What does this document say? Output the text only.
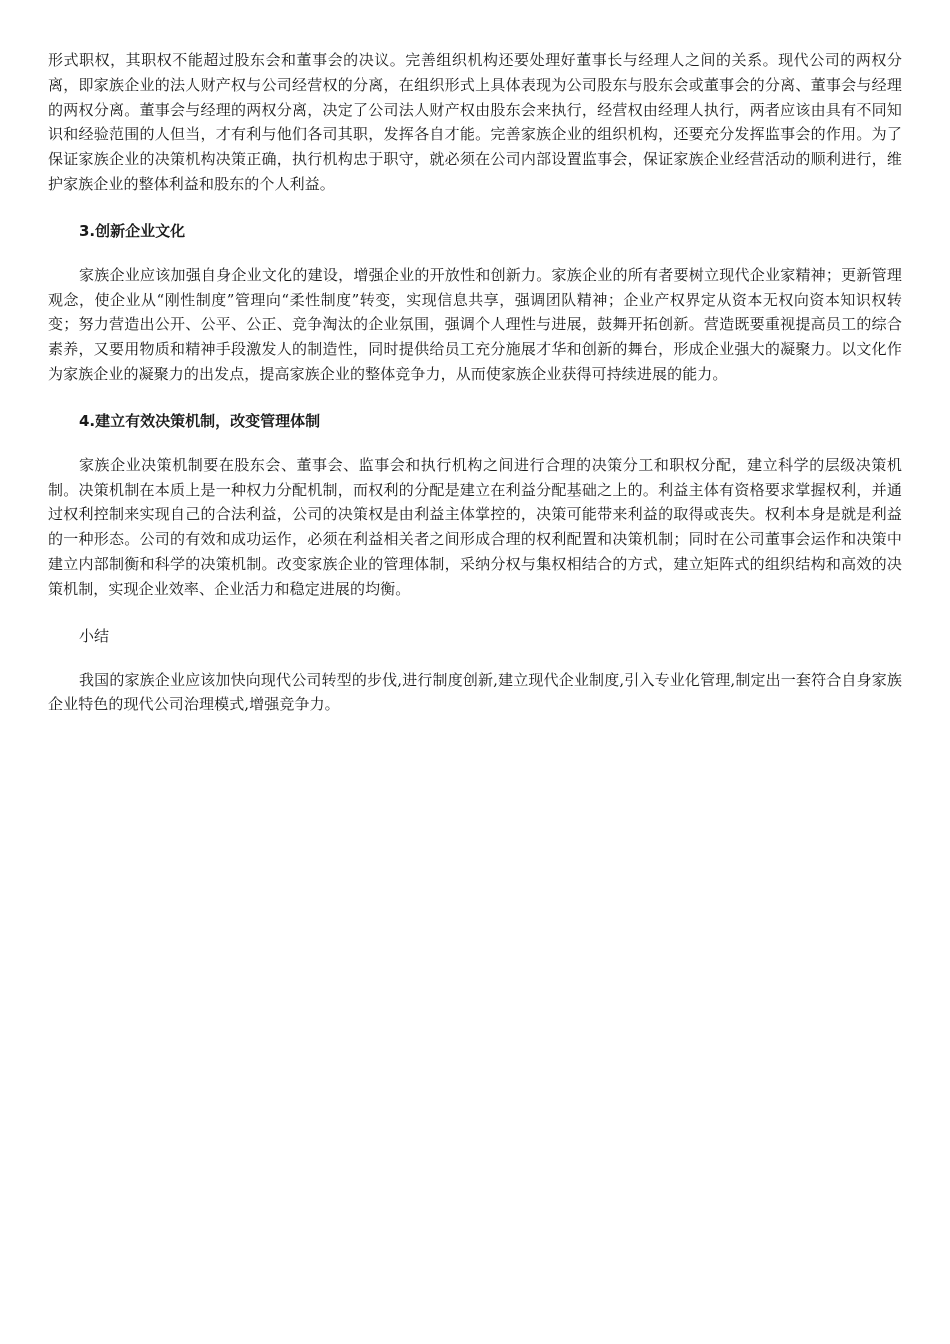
形式职权，其职权不能超过股东会和董事会的决议。完善组织机构还要处理好董事长与经理人之间的关系。现代公司的两权分离，即家族企业的法人财产权与公司经营权的分离，在组织形式上具体表现为公司股东与股东会或董事会的分离、董事会与经理的两权分离。董事会与经理的两权分离，决定了公司法人财产权由股东会来执行，经营权由经理人执行，两者应该由具有不同知识和经验范围的人但当，才有利与他们各司其职，发挥各自才能。完善家族企业的组织机构，还要充分发挥监事会的作用。为了保证家族企业的决策机构决策正确，执行机构忠于职守，就必须在公司内部设置监事会，保证家族企业经营活动的顺利进行，维护家族企业的整体利益和股东的个人利益。

3.创新企业文化

家族企业应该加强自身企业文化的建设，增强企业的开放性和创新力。家族企业的所有者要树立现代企业家精神；更新管理观念，使企业从“刚性制度”管理向“柔性制度”转变，实现信息共享，强调团队精神；企业产权界定从资本无权向资本知识权转变；努力营造出公开、公平、公正、竞争淘汰的企业氛围，强调个人理性与进展，鼓舞开拓创新。营造既要重视提高员工的综合素养，又要用物质和精神手段激发人的制造性，同时提供给员工充分施展才华和创新的舞台，形成企业强大的凝聚力。以文化作为家族企业的凝聚力的出发点，提高家族企业的整体竞争力，从而使家族企业获得可持续进展的能力。

4.建立有效决策机制，改变管理体制

家族企业决策机制要在股东会、董事会、监事会和执行机构之间进行合理的决策分工和职权分配，建立科学的层级决策机制。决策机制在本质上是一种权力分配机制，而权利的分配是建立在利益分配基础之上的。利益主体有资格要求掌握权利，并通过权利控制来实现自己的合法利益，公司的决策权是由利益主体掌控的，决策可能带来利益的取得或丧失。权利本身是就是利益的一种形态。公司的有效和成功运作，必须在利益相关者之间形成合理的权利配置和决策机制；同时在公司董事会运作和决策中建立内部制衡和科学的决策机制。改变家族企业的管理体制，采纳分权与集权相结合的方式，建立矩阵式的组织结构和高效的决策机制，实现企业效率、企业活力和稳定进展的均衡。

小结

我国的家族企业应该加快向现代公司转型的步伐,进行制度创新,建立现代企业制度,引入专业化管理,制定出一套符合自身家族企业特色的现代公司治理模式,增强竞争力。
